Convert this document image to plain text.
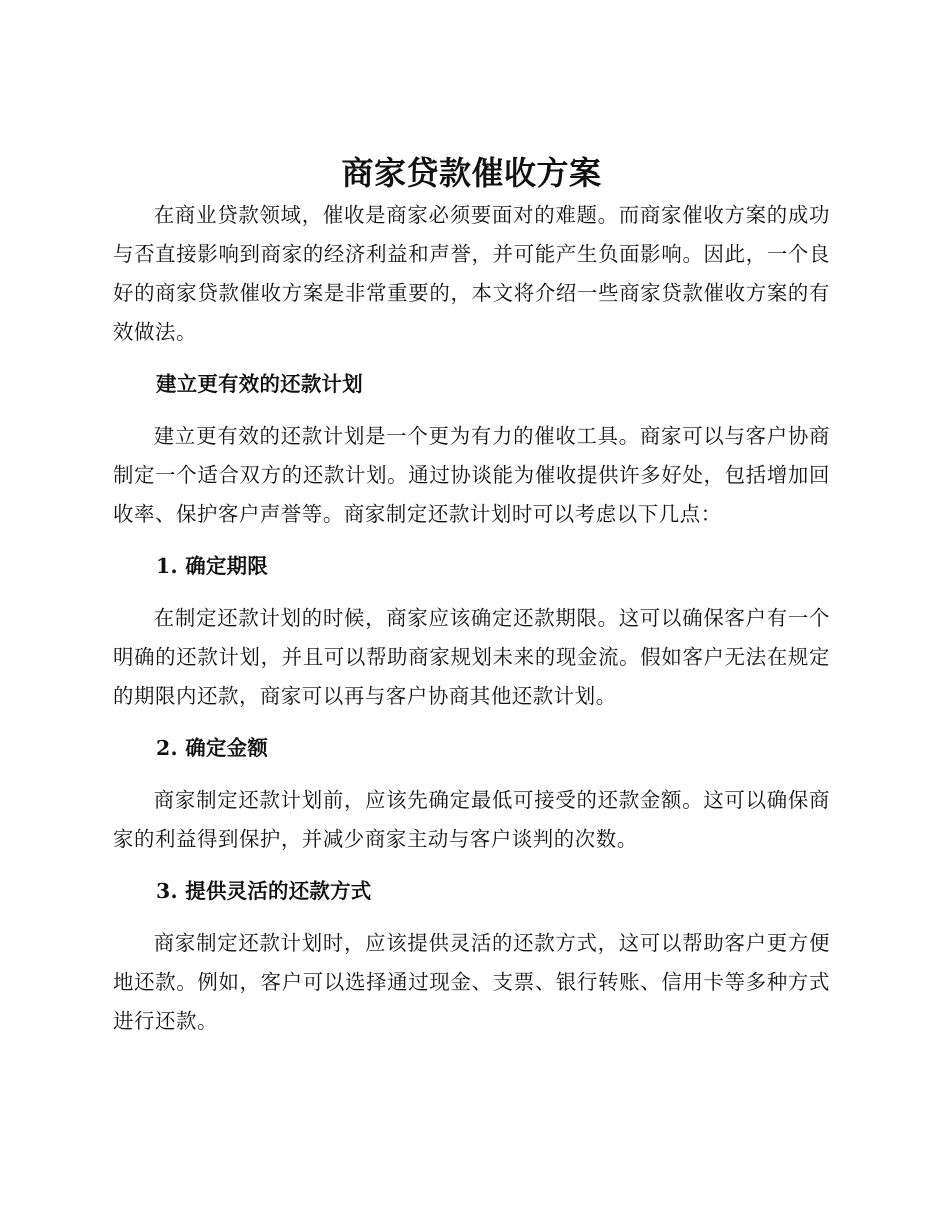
商家贷款催收方案

在商业贷款领域，催收是商家必须要面对的难题。而商家催收方案的成功与否直接影响到商家的经济利益和声誉，并可能产生负面影响。因此，一个良好的商家贷款催收方案是非常重要的，本文将介绍一些商家贷款催收方案的有效做法。

建立更有效的还款计划

建立更有效的还款计划是一个更为有力的催收工具。商家可以与客户协商制定一个适合双方的还款计划。通过协谈能为催收提供许多好处，包括增加回收率、保护客户声誉等。商家制定还款计划时可以考虑以下几点：

1. 确定期限

在制定还款计划的时候，商家应该确定还款期限。这可以确保客户有一个明确的还款计划，并且可以帮助商家规划未来的现金流。假如客户无法在规定的期限内还款，商家可以再与客户协商其他还款计划。

2. 确定金额

商家制定还款计划前，应该先确定最低可接受的还款金额。这可以确保商家的利益得到保护，并减少商家主动与客户谈判的次数。

3. 提供灵活的还款方式

商家制定还款计划时，应该提供灵活的还款方式，这可以帮助客户更方便地还款。例如，客户可以选择通过现金、支票、银行转账、信用卡等多种方式进行还款。
